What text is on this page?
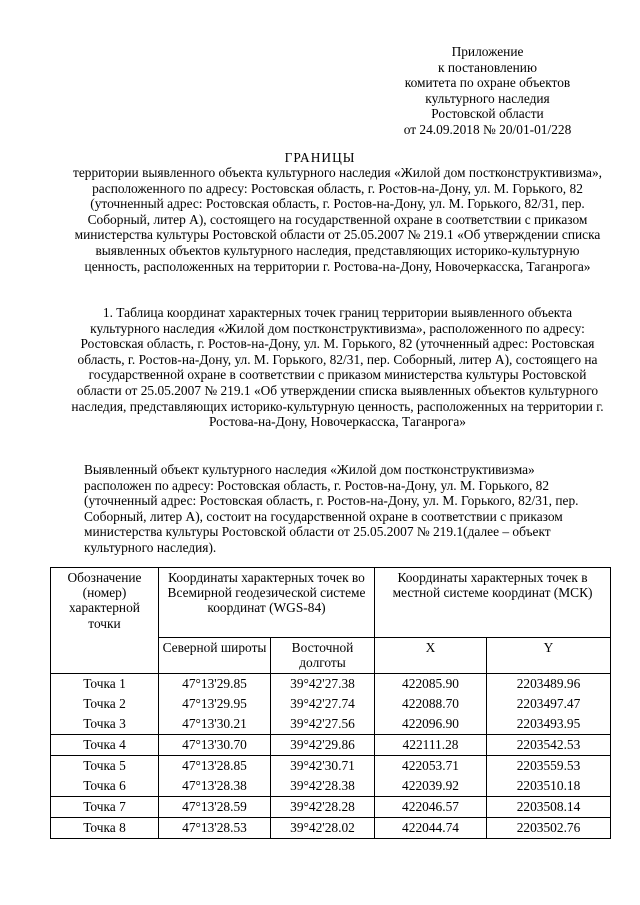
Приложение
к постановлению
комитета по охране объектов
культурного наследия
Ростовской области
от 24.09.2018 № 20/01-01/228
ГРАНИЦЫ
территории выявленного объекта культурного наследия «Жилой дом постконструктивизма», расположенного по адресу: Ростовская область, г. Ростов-на-Дону, ул. М. Горького, 82 (уточненный адрес: Ростовская область, г. Ростов-на-Дону, ул. М. Горького, 82/31, пер. Соборный, литер А), состоящего на государственной охране в соответствии с приказом министерства культуры Ростовской области от 25.05.2007 № 219.1 «Об утверждении списка выявленных объектов культурного наследия, представляющих историко-культурную ценность, расположенных на территории г. Ростова-на-Дону, Новочеркасска, Таганрога»
1. Таблица координат характерных точек границ территории выявленного объекта культурного наследия «Жилой дом постконструктивизма», расположенного по адресу: Ростовская область, г. Ростов-на-Дону, ул. М. Горького, 82 (уточненный адрес: Ростовская область, г. Ростов-на-Дону, ул. М. Горького, 82/31, пер. Соборный, литер А), состоящего на государственной охране в соответствии с приказом министерства культуры Ростовской области от 25.05.2007 № 219.1 «Об утверждении списка выявленных объектов культурного наследия, представляющих историко-культурную ценность, расположенных на территории г. Ростова-на-Дону, Новочеркасска, Таганрога»
Выявленный объект культурного наследия «Жилой дом постконструктивизма»
расположен по адресу: Ростовская область, г. Ростов-на-Дону, ул. М. Горького, 82
(уточненный адрес: Ростовская область, г. Ростов-на-Дону, ул. М. Горького, 82/31, пер.
Соборный, литер А), состоит на государственной охране в соответствии с приказом
министерства культуры Ростовской области от 25.05.2007 № 219.1(далее – объект
культурного наследия).
Обозначение (номер) характерной точки	Координаты характерных точек во Всемирной геодезической системе координат (WGS-84)		Координаты характерных точек в местной системе координат (МСК)	
	Северной широты	Восточной долготы	X	Y
Точка 1	47°13'29.85	39°42'27.38	422085.90	2203489.96
Точка 2	47°13'29.95	39°42'27.74	422088.70	2203497.47
Точка 3	47°13'30.21	39°42'27.56	422096.90	2203493.95
Точка 4	47°13'30.70	39°42'29.86	422111.28	2203542.53
Точка 5	47°13'28.85	39°42'30.71	422053.71	2203559.53
Точка 6	47°13'28.38	39°42'28.38	422039.92	2203510.18
Точка 7	47°13'28.59	39°42'28.28	422046.57	2203508.14
Точка 8	47°13'28.53	39°42'28.02	422044.74	2203502.76
